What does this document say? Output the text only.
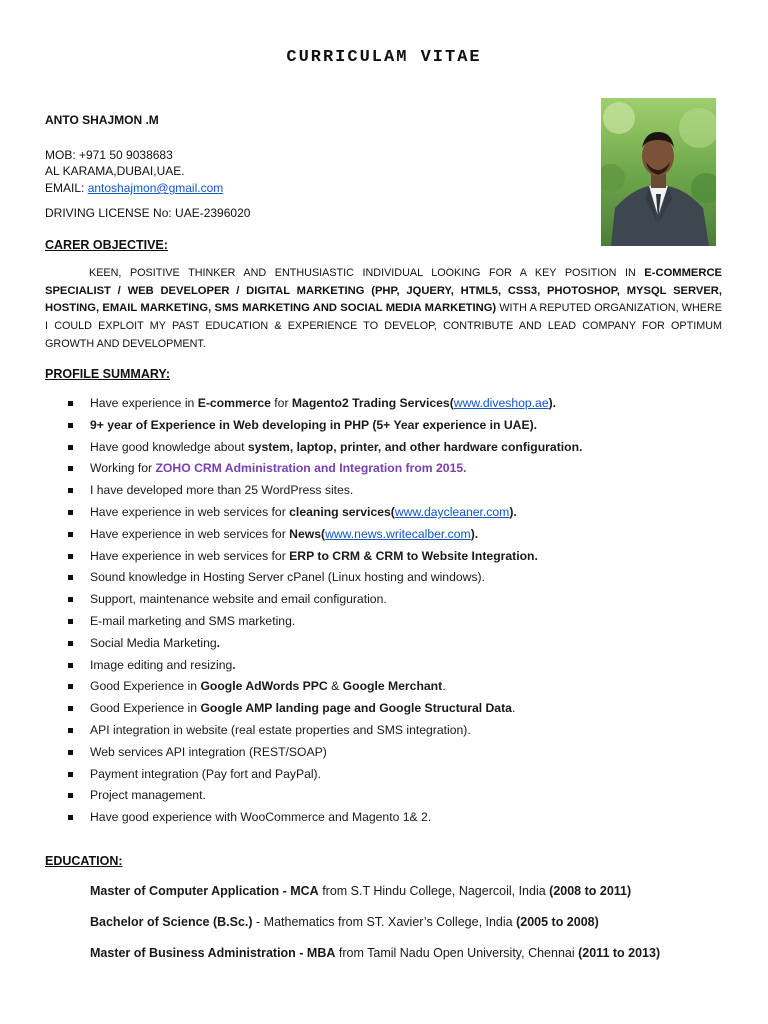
CURRICULAM VITAE
ANTO SHAJMON .M
MOB: +971 50 9038683
AL KARAMA,DUBAI,UAE.
EMAIL: antoshajmon@gmail.com
DRIVING LICENSE No: UAE-2396020
CARER OBJECTIVE:
KEEN, POSITIVE THINKER AND ENTHUSIASTIC INDIVIDUAL LOOKING FOR A KEY POSITION IN E-COMMERCE SPECIALIST / WEB DEVELOPER / DIGITAL MARKETING (PHP, JQUERY, HTML5, CSS3, PHOTOSHOP, MYSQL SERVER, HOSTING, EMAIL MARKETING, SMS MARKETING AND SOCIAL MEDIA MARKETING) WITH A REPUTED ORGANIZATION, WHERE I COULD EXPLOIT MY PAST EDUCATION & EXPERIENCE TO DEVELOP, CONTRIBUTE AND LEAD COMPANY FOR OPTIMUM GROWTH AND DEVELOPMENT.
PROFILE SUMMARY:
Have experience in E-commerce for Magento2 Trading Services(www.diveshop.ae).
9+ year of Experience in Web developing in PHP (5+ Year experience in UAE).
Have good knowledge about system, laptop, printer, and other hardware configuration.
Working for ZOHO CRM Administration and Integration from 2015.
I have developed more than 25 WordPress sites.
Have experience in web services for cleaning services(www.daycleaner.com).
Have experience in web services for News(www.news.writecalber.com).
Have experience in web services for ERP to CRM & CRM to Website Integration.
Sound knowledge in Hosting Server cPanel (Linux hosting and windows).
Support, maintenance website and email configuration.
E-mail marketing and SMS marketing.
Social Media Marketing.
Image editing and resizing.
Good Experience in Google AdWords PPC & Google Merchant.
Good Experience in Google AMP landing page and Google Structural Data.
API integration in website (real estate properties and SMS integration).
Web services API integration (REST/SOAP)
Payment integration (Pay fort and PayPal).
Project management.
Have good experience with WooCommerce and Magento 1& 2.
EDUCATION:
Master of Computer Application - MCA from S.T Hindu College, Nagercoil, India (2008 to 2011)
Bachelor of Science (B.Sc.) - Mathematics from ST. Xavier’s College, India (2005 to 2008)
Master of Business Administration - MBA from Tamil Nadu Open University, Chennai (2011 to 2013)
